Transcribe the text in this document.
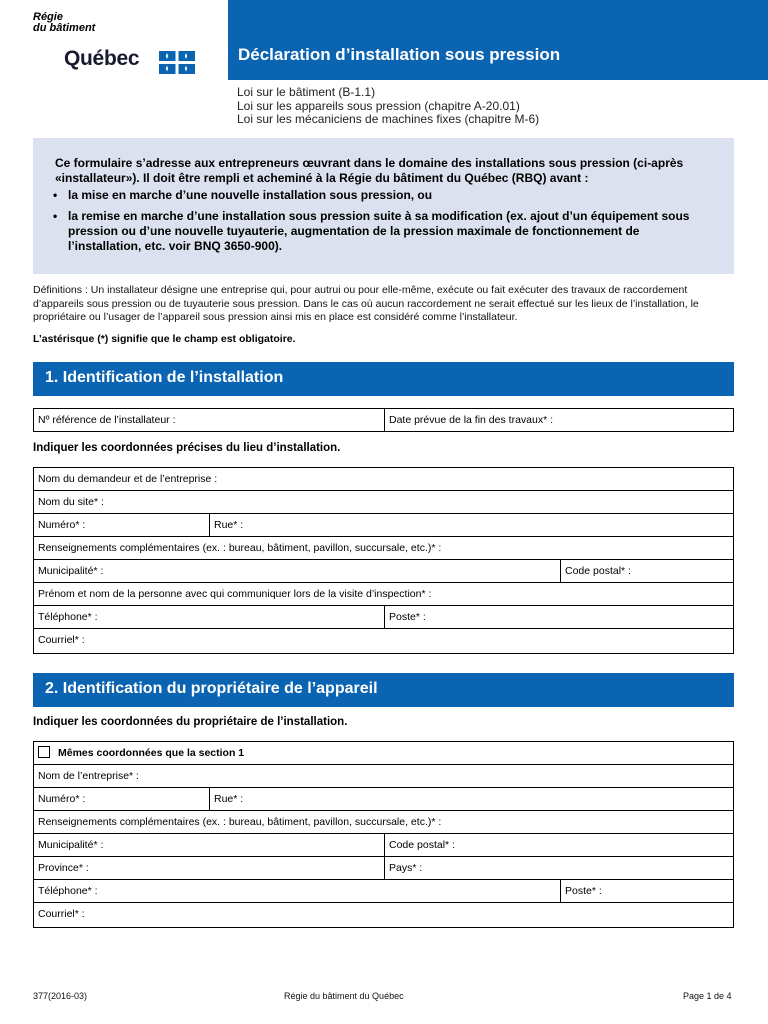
Régie
du bâtiment
Québec	Déclaration d’installation sous pression
Loi sur le bâtiment (B-1.1)
Loi sur les appareils sous pression (chapitre A-20.01)
Loi sur les mécaniciens de machines fixes (chapitre M-6)
Ce formulaire s’adresse aux entrepreneurs œuvrant dans le domaine des installations sous pression (ci-après «installateur»). Il doit être rempli et acheminé à la Régie du bâtiment du Québec (RBQ) avant :
• la mise en marche d’une nouvelle installation sous pression, ou
• la remise en marche d’une installation sous pression suite à sa modification (ex. ajout d’un équipement sous pression ou d’une nouvelle tuyauterie, augmentation de la pression maximale de fonctionnement de l’installation, etc. voir BNQ 3650-900).
Définitions : Un installateur désigne une entreprise qui, pour autrui ou pour elle-même, exécute ou fait exécuter des travaux de raccordement d’appareils sous pression ou de tuyauterie sous pression. Dans le cas où aucun raccordement ne serait effectué sur les lieux de l’installation, le propriétaire ou l’usager de l’appareil sous pression ainsi mis en place est considéré comme l’installateur.
L’astérisque (*) signifie que le champ est obligatoire.
1. Identification de l’installation
Nº référence de l’installateur :	Date prévue de la fin des travaux* :
Indiquer les coordonnées précises du lieu d’installation.
Nom du demandeur et de l’entreprise :
Nom du site* :
Numéro* :	Rue* :
Renseignements complémentaires (ex. : bureau, bâtiment, pavillon, succursale, etc.)* :
Municipalité* :	Code postal* :
Prénom et nom de la personne avec qui communiquer lors de la visite d’inspection* :
Téléphone* :	Poste* :
Courriel* :
2. Identification du propriétaire de l’appareil
Indiquer les coordonnées du propriétaire de l’installation.
Mêmes coordonnées que la section 1
Nom de l’entreprise* :
Numéro* :	Rue* :
Renseignements complémentaires (ex. : bureau, bâtiment, pavillon, succursale, etc.)* :
Municipalité* :	Code postal* :
Province* :	Pays* :
Téléphone* :	Poste* :
Courriel* :
377(2016-03)	Régie du bâtiment du Québec	Page 1 de 4
